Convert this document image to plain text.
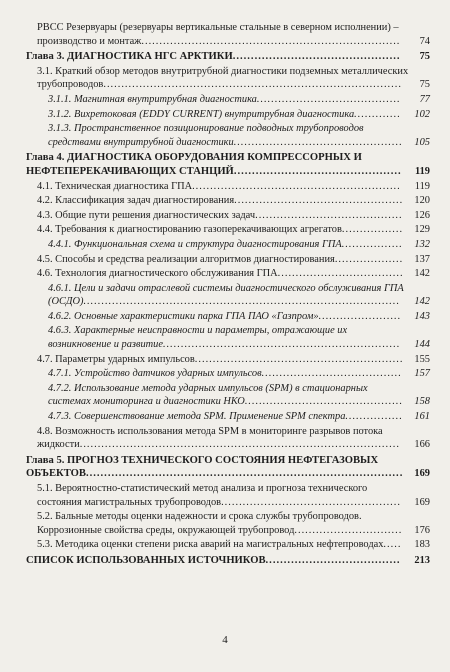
РВСС Резервуары (резервуары вертикальные стальные в северном исполнении) – производство и монтаж........................................................................ 74
Глава 3. ДИАГНОСТИКА НГС АРКТИКИ.............................................. 75
3.1. Краткий обзор методов внутритрубной диагностики подземных металлических трубопроводов................................................................................... 75
3.1.1. Магнитная внутритрубная диагностика........................................ 77
3.1.2. Вихретоковая (EDDY CURRENT) внутритрубная диагностика............. 102
3.1.3. Пространственное позиционирование подводных трубопроводов средствами внутритрубной диагностики............................................... 105
Глава 4. ДИАГНОСТИКА ОБОРУДОВАНИЯ КОМПРЕССОРНЫХ И НЕФТЕПЕРЕКАЧИВАЮЩИХ СТАНЦИЙ.............................................. 119
4.1. Техническая диагностика ГПА.......................................................... 119
4.2. Классификация задач диагностирования............................................... 120
4.3. Общие пути решения диагностических задач......................................... 126
4.4. Требования к диагностированию газоперекачивающих агрегатов................. 129
4.4.1. Функциональная схема и структура диагностирования ГПА................. 132
4.5. Способы и средства реализации алгоритмов диагностирования................... 137
4.6. Технология диагностического обслуживания ГПА................................... 142
4.6.1. Цели и задачи отраслевой системы диагностического обслуживания ГПА (ОСДО)........................................................................................ 142
4.6.2. Основные характеристики парка ГПА ПАО «Газпром»....................... 143
4.6.3. Характерные неисправности и параметры, отражающие их возникновение и развитие.................................................................. 144
4.7. Параметры ударных импульсов.......................................................... 155
4.7.1. Устройство датчиков ударных импульсов....................................... 157
4.7.2. Использование метода ударных импульсов (SPM) в стационарных системах мониторинга и диагностики НКО............................................ 158
4.7.3. Совершенствование метода SPM. Применение SPM спектра................ 161
4.8. Возможность использования метода SPM в мониторинге разрывов потока жидкости......................................................................................... 166
Глава 5. ПРОГНОЗ ТЕХНИЧЕСКОГО СОСТОЯНИЯ НЕФТЕГАЗОВЫХ ОБЪЕКТОВ....................................................................................... 169
5.1. Вероятностно-статистический метод анализа и прогноза технического состояния магистральных трубопроводов.................................................. 169
5.2. Бальные методы оценки надежности и срока службы трубопроводов. Коррозионные свойства среды, окружающей трубопровод.............................. 176
5.3. Методика оценки степени риска аварий на магистральных нефтепроводах..... 183
СПИСОК ИСПОЛЬЗОВАННЫХ ИСТОЧНИКОВ..................................... 213
4
